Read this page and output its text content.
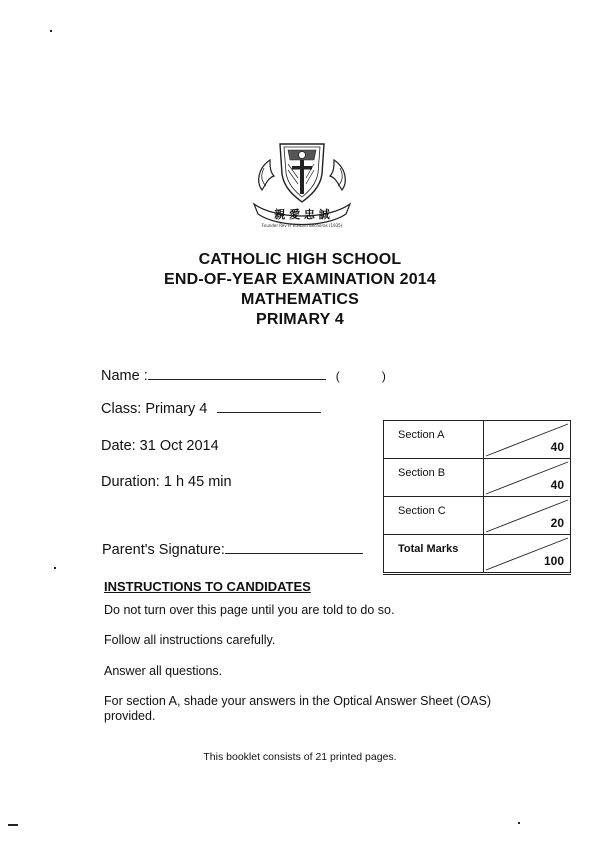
親 愛 忠 誠
Founder Rev Fr Edward Becheras (1935)
CATHOLIC HIGH SCHOOL
END-OF-YEAR EXAMINATION 2014
MATHEMATICS
PRIMARY 4
Name :	(	)
Class: Primary 4
Date: 31 Oct 2014
Duration: 1 h 45 min
Parent's Signature:
Section A	40

Section B	40

Section C	20

Total Marks	100
INSTRUCTIONS TO CANDIDATES
Do not turn over this page until you are told to do so.
Follow all instructions carefully.
Answer all questions.
For section A, shade your answers in the Optical Answer Sheet (OAS) provided.
This booklet consists of 21 printed pages.
